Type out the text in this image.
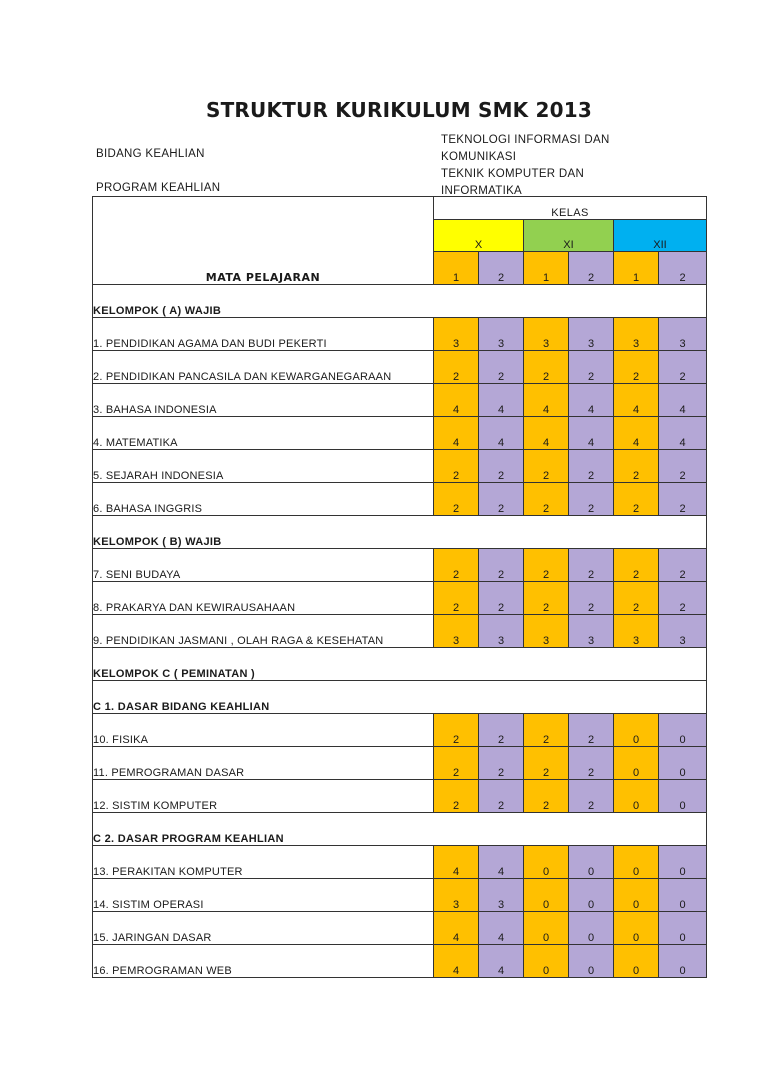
STRUKTUR KURIKULUM SMK 2013
BIDANG KEAHLIAN
TEKNOLOGI INFORMASI DAN KOMUNIKASI
PROGRAM KEAHLIAN
TEKNIK KOMPUTER DAN INFORMATIKA
MATA PELAJARAN	KELAS					
	X		XI		XII	
	1	2	1	2	1	2
KELOMPOK ( A) WAJIB						
1. PENDIDIKAN AGAMA DAN BUDI PEKERTI	3	3	3	3	3	3
2. PENDIDIKAN PANCASILA DAN KEWARGANEGARAAN	2	2	2	2	2	2
3. BAHASA INDONESIA	4	4	4	4	4	4
4. MATEMATIKA	4	4	4	4	4	4
5. SEJARAH INDONESIA	2	2	2	2	2	2
6. BAHASA INGGRIS	2	2	2	2	2	2
KELOMPOK ( B) WAJIB						
7. SENI BUDAYA	2	2	2	2	2	2
8. PRAKARYA DAN KEWIRAUSAHAAN	2	2	2	2	2	2
9. PENDIDIKAN JASMANI , OLAH RAGA & KESEHATAN	3	3	3	3	3	3
KELOMPOK C ( PEMINATAN )						
C 1. DASAR BIDANG KEAHLIAN						
10. FISIKA	2	2	2	2	0	0
11. PEMROGRAMAN DASAR	2	2	2	2	0	0
12. SISTIM KOMPUTER	2	2	2	2	0	0
C 2. DASAR PROGRAM KEAHLIAN						
13. PERAKITAN KOMPUTER	4	4	0	0	0	0
14. SISTIM OPERASI	3	3	0	0	0	0
15. JARINGAN DASAR	4	4	0	0	0	0
16. PEMROGRAMAN WEB	4	4	0	0	0	0
